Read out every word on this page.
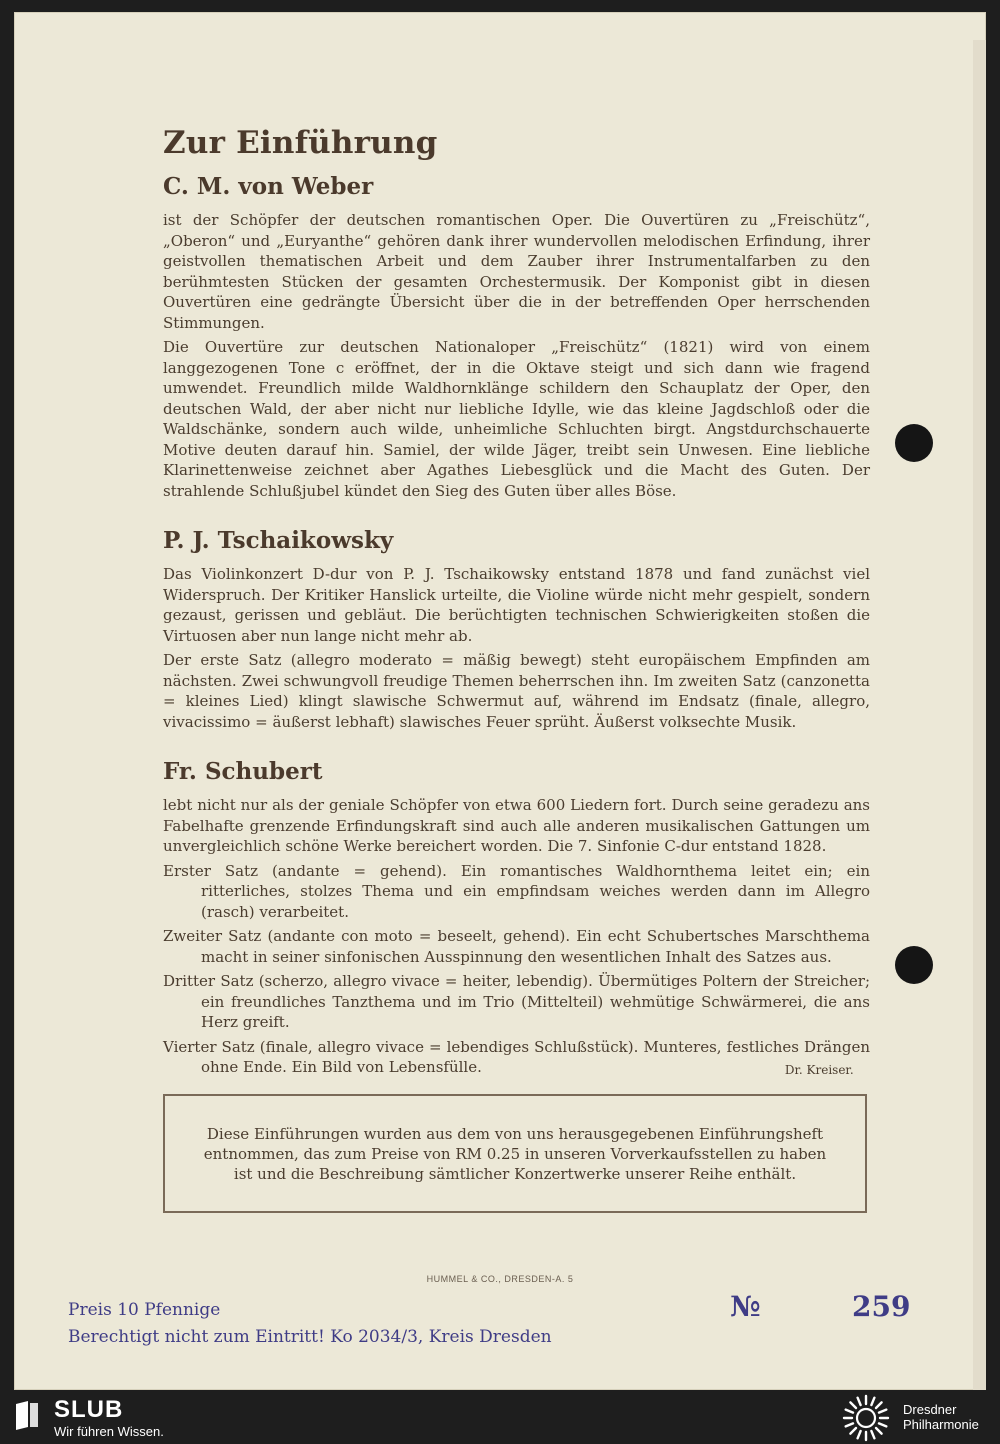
Zur Einführung
C. M. von Weber

ist der Schöpfer der deutschen romantischen Oper. Die Ouvertüren zu „Freischütz“, „Oberon“ und „Euryanthe“ gehören dank ihrer wundervollen melodischen Erfindung, ihrer geistvollen thematischen Arbeit und dem Zauber ihrer Instrumentalfarben zu den berühmtesten Stücken der gesamten Orchestermusik. Der Komponist gibt in diesen Ouvertüren eine gedrängte Übersicht über die in der betreffenden Oper herrschenden Stimmungen.

Die Ouvertüre zur deutschen Nationaloper „Freischütz“ (1821) wird von einem langgezogenen Tone c eröffnet, der in die Oktave steigt und sich dann wie fragend umwendet. Freundlich milde Waldhornklänge schildern den Schauplatz der Oper, den deutschen Wald, der aber nicht nur liebliche Idylle, wie das kleine Jagdschloß oder die Waldschänke, sondern auch wilde, unheimliche Schluchten birgt. Angstdurchschauerte Motive deuten darauf hin. Samiel, der wilde Jäger, treibt sein Unwesen. Eine liebliche Klarinettenweise zeichnet aber Agathes Liebesglück und die Macht des Guten. Der strahlende Schlußjubel kündet den Sieg des Guten über alles Böse.

P. J. Tschaikowsky

Das Violinkonzert D-dur von P. J. Tschaikowsky entstand 1878 und fand zunächst viel Widerspruch. Der Kritiker Hanslick urteilte, die Violine würde nicht mehr gespielt, sondern gezaust, gerissen und gebläut. Die berüchtigten technischen Schwierigkeiten stoßen die Virtuosen aber nun lange nicht mehr ab.

Der erste Satz (allegro moderato = mäßig bewegt) steht europäischem Empfinden am nächsten. Zwei schwungvoll freudige Themen beherrschen ihn. Im zweiten Satz (canzonetta = kleines Lied) klingt slawische Schwermut auf, während im Endsatz (finale, allegro, vivacissimo = äußerst lebhaft) slawisches Feuer sprüht. Äußerst volksechte Musik.

Fr. Schubert

lebt nicht nur als der geniale Schöpfer von etwa 600 Liedern fort. Durch seine geradezu ans Fabelhafte grenzende Erfindungskraft sind auch alle anderen musikalischen Gattungen um unvergleichlich schöne Werke bereichert worden. Die 7. Sinfonie C-dur entstand 1828.

Erster Satz (andante = gehend). Ein romantisches Waldhornthema leitet ein; ein ritterliches, stolzes Thema und ein empfindsam weiches werden dann im Allegro (rasch) verarbeitet.

Zweiter Satz (andante con moto = beseelt, gehend). Ein echt Schubertsches Marschthema macht in seiner sinfonischen Ausspinnung den wesentlichen Inhalt des Satzes aus.

Dritter Satz (scherzo, allegro vivace = heiter, lebendig). Übermütiges Poltern der Streicher; ein freundliches Tanzthema und im Trio (Mittelteil) wehmütige Schwärmerei, die ans Herz greift.

Vierter Satz (finale, allegro vivace = lebendiges Schlußstück). Munteres, festliches Drängen ohne Ende. Ein Bild von Lebensfülle.	Dr. Kreiser.

Diese Einführungen wurden aus dem von uns herausgegebenen Einführungsheft entnommen, das zum Preise von RM 0.25 in unseren Vorverkaufsstellen zu haben ist und die Beschreibung sämtlicher Konzertwerke unserer Reihe enthält.

HUMMEL & CO., DRESDEN-A. 5
Preis 10 Pfennige
Berechtigt nicht zum Eintritt! Ko 2034/3, Kreis Dresden
№	259
SLUB
Wir führen Wissen.
Dresdner
Philharmonie
